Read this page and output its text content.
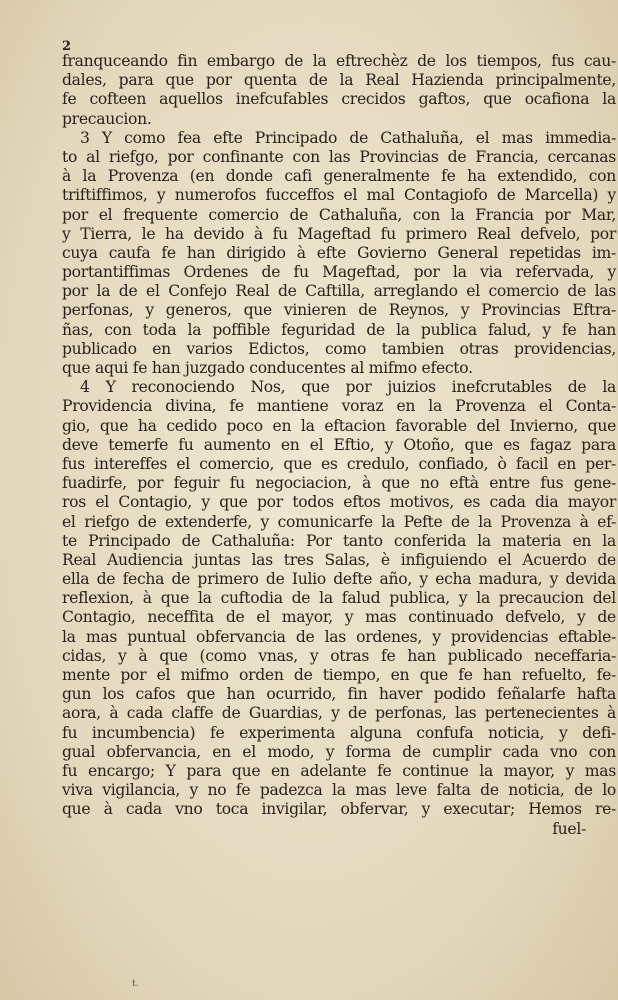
2
franquceando fin embargo de la eftrechèz de los tiempos, fus cau-
dales, para que por quenta de la Real Hazienda principalmente,
fe cofteen aquellos inefcufables crecidos gaftos, que ocafiona la
precaucion.
3 Y como fea efte Principado de Cathaluña, el mas immedia-
to al riefgo, por confinante con las Provincias de Francia, cercanas
à la Provenza (en donde cafi generalmente fe ha extendido, con
triftiffimos, y numerofos fucceffos el mal Contagiofo de Marcella) y
por el frequente comercio de Cathaluña, con la Francia por Mar,
y Tierra, le ha devido à fu Mageftad fu primero Real defvelo, por
cuya caufa fe han dirigido à efte Govierno General repetidas im-
portantiffimas Ordenes de fu Mageftad, por la via refervada, y
por la de el Confejo Real de Caftilla, arreglando el comercio de las
perfonas, y generos, que vinieren de Reynos, y Provincias Eftra-
ñas, con toda la poffible feguridad de la publica falud, y fe han
publicado en varios Edictos, como tambien otras providencias,
que aqui fe han juzgado conducentes al mifmo efecto.
4 Y reconociendo Nos, que por juizios inefcrutables de la
Providencia divina, fe mantiene voraz en la Provenza el Conta-
gio, que ha cedido poco en la eftacion favorable del Invierno, que
deve temerfe fu aumento en el Eftio, y Otoño, que es fagaz para
fus intereffes el comercio, que es credulo, confiado, ò facil en per-
fuadirfe, por feguir fu negociacion, à que no eftà entre fus gene-
ros el Contagio, y que por todos eftos motivos, es cada dia mayor
el riefgo de extenderfe, y comunicarfe la Pefte de la Provenza à ef-
te Principado de Cathaluña: Por tanto conferida la materia en la
Real Audiencia juntas las tres Salas, è infiguiendo el Acuerdo de
ella de fecha de primero de Iulio defte año, y echa madura, y devida
reflexion, à que la cuftodia de la falud publica, y la precaucion del
Contagio, neceffita de el mayor, y mas continuado defvelo, y de
la mas puntual obfervancia de las ordenes, y providencias eftable-
cidas, y à que (como vnas, y otras fe han publicado neceffaria-
mente por el mifmo orden de tiempo, en que fe han refuelto, fe-
gun los cafos que han ocurrido, fin haver podido feñalarfe hafta
aora, à cada claffe de Guardias, y de perfonas, las pertenecientes à
fu incumbencia) fe experimenta alguna confufa noticia, y defi-
gual obfervancia, en el modo, y forma de cumplir cada vno con
fu encargo; Y para que en adelante fe continue la mayor, y mas
viva vigilancia, y no fe padezca la mas leve falta de noticia, de lo
que à cada vno toca invigilar, obfervar, y executar; Hemos re-
fuel-
t.
